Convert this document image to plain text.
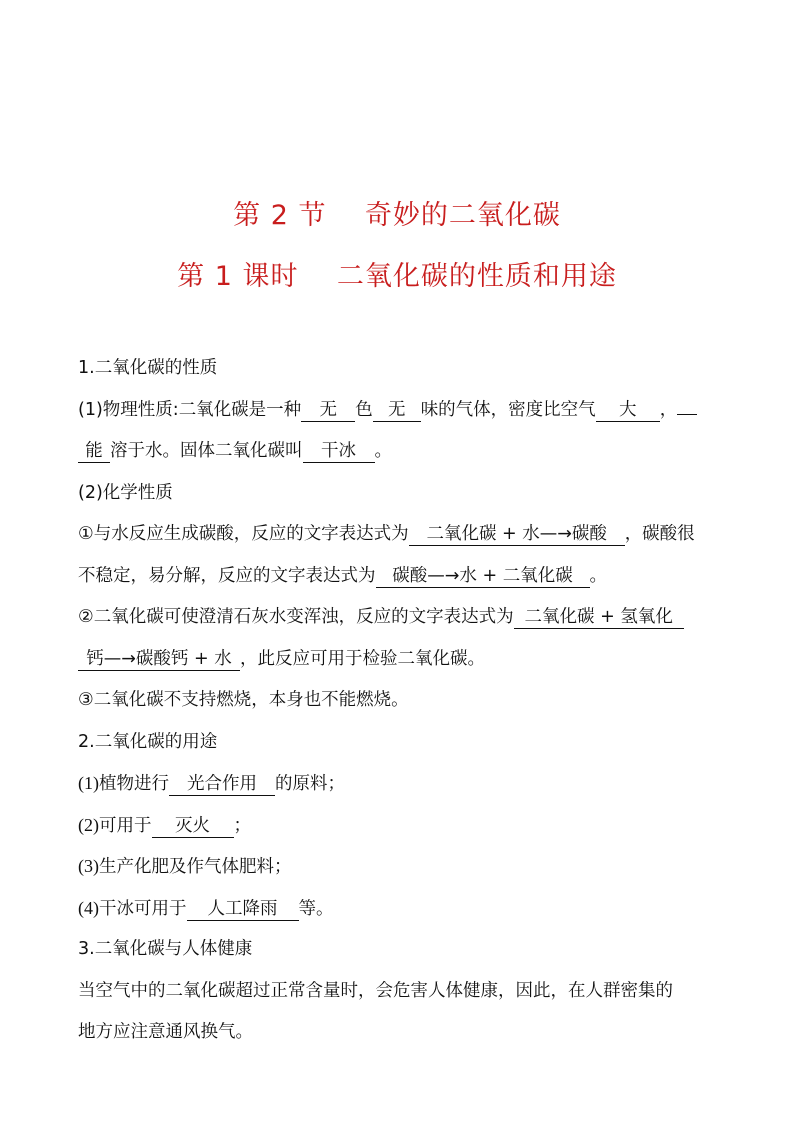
第 2 节    奇妙的二氧化碳
第 1 课时    二氧化碳的性质和用途
1.二氧化碳的性质
(1)物理性质:二氧化碳是一种 无 色 无 味的气体，密度比空气 大 ，
能 溶于水。固体二氧化碳叫 干冰 。
(2)化学性质
①与水反应生成碳酸，反应的文字表达式为 二氧化碳 + 水—→碳酸 ，碳酸很
不稳定，易分解，反应的文字表达式为 碳酸—→水 + 二氧化碳 。
②二氧化碳可使澄清石灰水变浑浊，反应的文字表达式为 二氧化碳 + 氢氧化
钙—→碳酸钙 + 水 ，此反应可用于检验二氧化碳。
③二氧化碳不支持燃烧，本身也不能燃烧。
2.二氧化碳的用途
(1)植物进行 光合作用 的原料；
(2)可用于 灭火 ；
(3)生产化肥及作气体肥料；
(4)干冰可用于 人工降雨 等。
3.二氧化碳与人体健康
当空气中的二氧化碳超过正常含量时，会危害人体健康，因此，在人群密集的
地方应注意通风换气。
